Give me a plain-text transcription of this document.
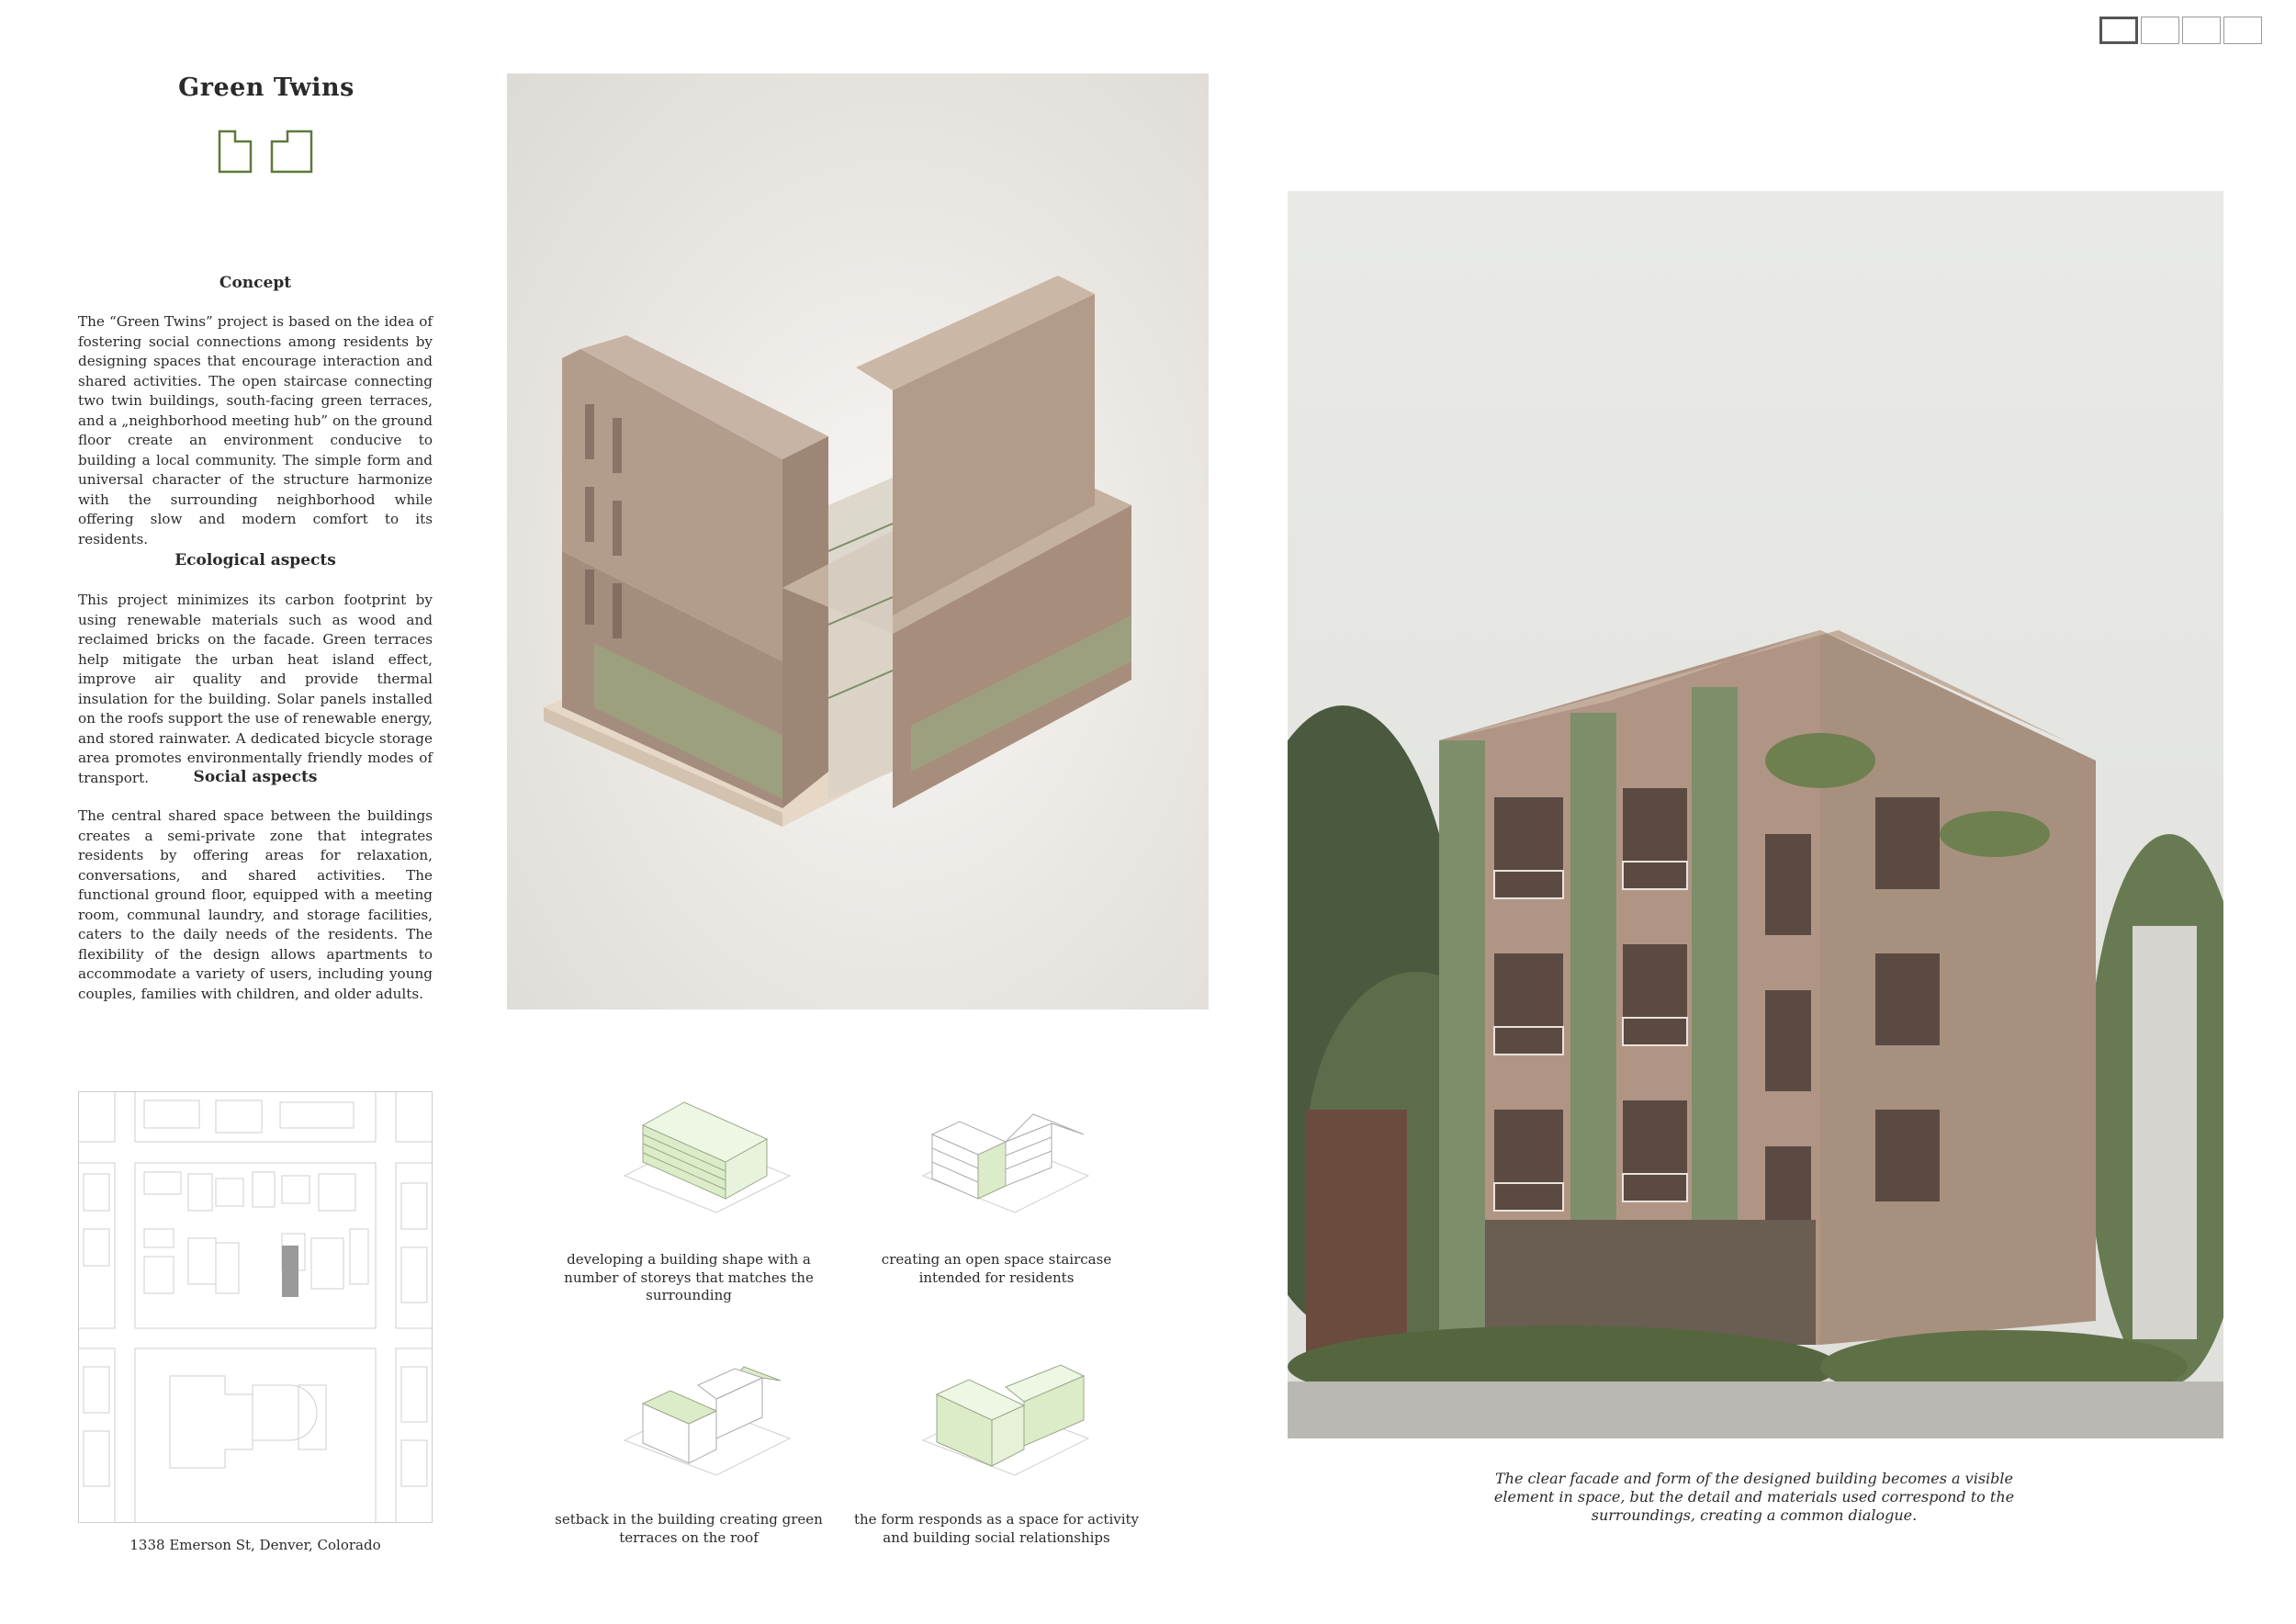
Green Twins
Concept
The “Green Twins” project is based on the idea of fostering social connections among residents by designing spaces that encourage interaction and shared activities. The open staircase connecting two twin buildings, south-facing green terraces, and a „neighborhood meeting hub” on the ground floor create an environment conducive to building a local community. The simple form and universal character of the structure harmonize with the surrounding neighborhood while offering slow and modern comfort to its residents.
Ecological aspects
This project minimizes its carbon footprint by using renewable materials such as wood and reclaimed bricks on the facade. Green terraces help mitigate the urban heat island effect, improve air quality and provide thermal insulation for the building. Solar panels installed on the roofs support the use of renewable energy, and stored rainwater. A dedicated bicycle storage area promotes environmentally friendly modes of transport.	Social aspects
The central shared space between the buildings creates a semi-private zone that integrates residents by offering areas for relaxation, conversations, and shared activities. The functional ground floor, equipped with a meeting room, communal laundry, and storage facilities, caters to the daily needs of the residents. The flexibility of the design allows apartments to accommodate a variety of users, including young couples, families with children, and older adults.
1338 Emerson St, Denver, Colorado
developing a building shape with a number of storeys that matches the surrounding
creating an open space staircase intended for residents
setback in the building creating green terraces on the roof
the form responds as a space for activity and building social relationships
The clear facade and form of the designed building becomes a visible element in space, but the detail and materials used correspond to the surroundings, creating a common dialogue.
